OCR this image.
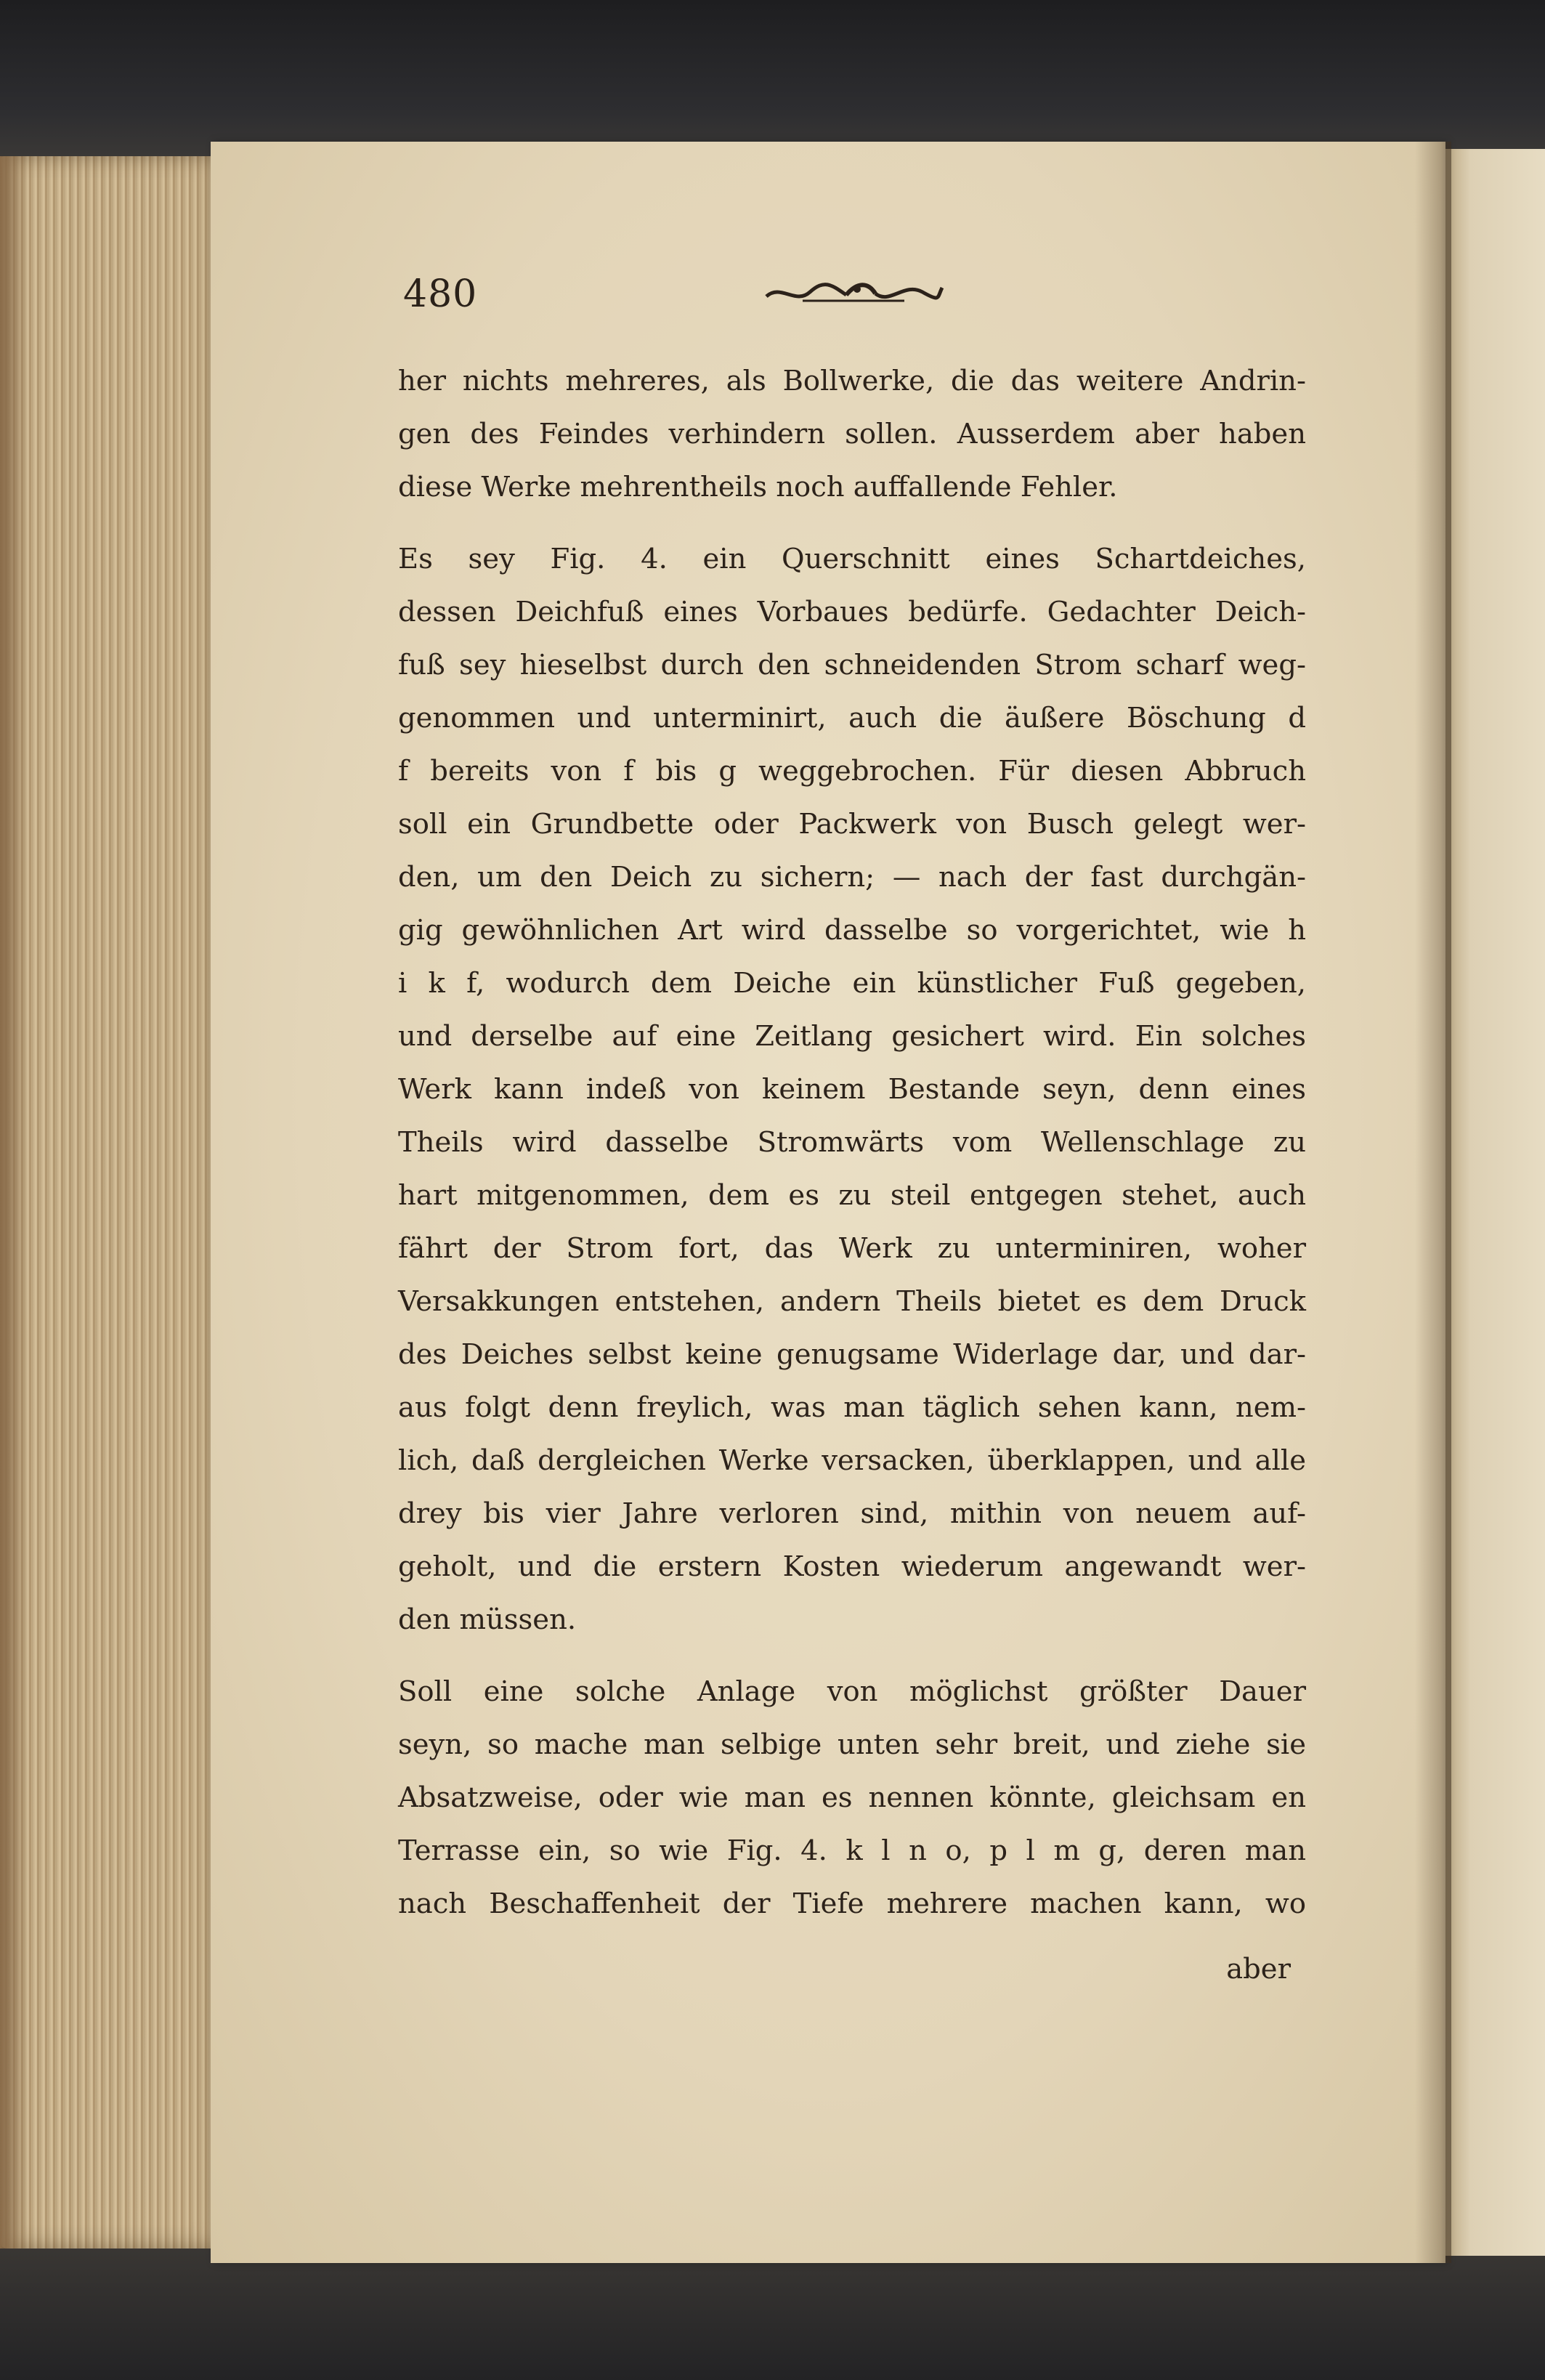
480
her nichts mehreres, als Bollwerke, die das weitere Andrin-
gen des Feindes verhindern sollen. Ausserdem aber haben
diese Werke mehrentheils noch auffallende Fehler.
Es sey Fig. 4. ein Querschnitt eines Schartdeiches,
dessen Deichfuß eines Vorbaues bedürfe. Gedachter Deich-
fuß sey hieselbst durch den schneidenden Strom scharf weg-
genommen und unterminirt, auch die äußere Böschung d
f bereits von f bis g weggebrochen. Für diesen Abbruch
soll ein Grundbette oder Packwerk von Busch gelegt wer-
den, um den Deich zu sichern; — nach der fast durchgän-
gig gewöhnlichen Art wird dasselbe so vorgerichtet, wie h
i k f, wodurch dem Deiche ein künstlicher Fuß gegeben,
und derselbe auf eine Zeitlang gesichert wird. Ein solches
Werk kann indeß von keinem Bestande seyn, denn eines
Theils wird dasselbe Stromwärts vom Wellenschlage zu
hart mitgenommen, dem es zu steil entgegen stehet, auch
fährt der Strom fort, das Werk zu unterminiren, woher
Versakkungen entstehen, andern Theils bietet es dem Druck
des Deiches selbst keine genugsame Widerlage dar, und dar-
aus folgt denn freylich, was man täglich sehen kann, nem-
lich, daß dergleichen Werke versacken, überklappen, und alle
drey bis vier Jahre verloren sind, mithin von neuem auf-
geholt, und die erstern Kosten wiederum angewandt wer-
den müssen.
Soll eine solche Anlage von möglichst größter Dauer
seyn, so mache man selbige unten sehr breit, und ziehe sie
Absatzweise, oder wie man es nennen könnte, gleichsam en
Terrasse ein, so wie Fig. 4. k l n o, p l m g, deren man
nach Beschaffenheit der Tiefe mehrere machen kann, wo
aber
